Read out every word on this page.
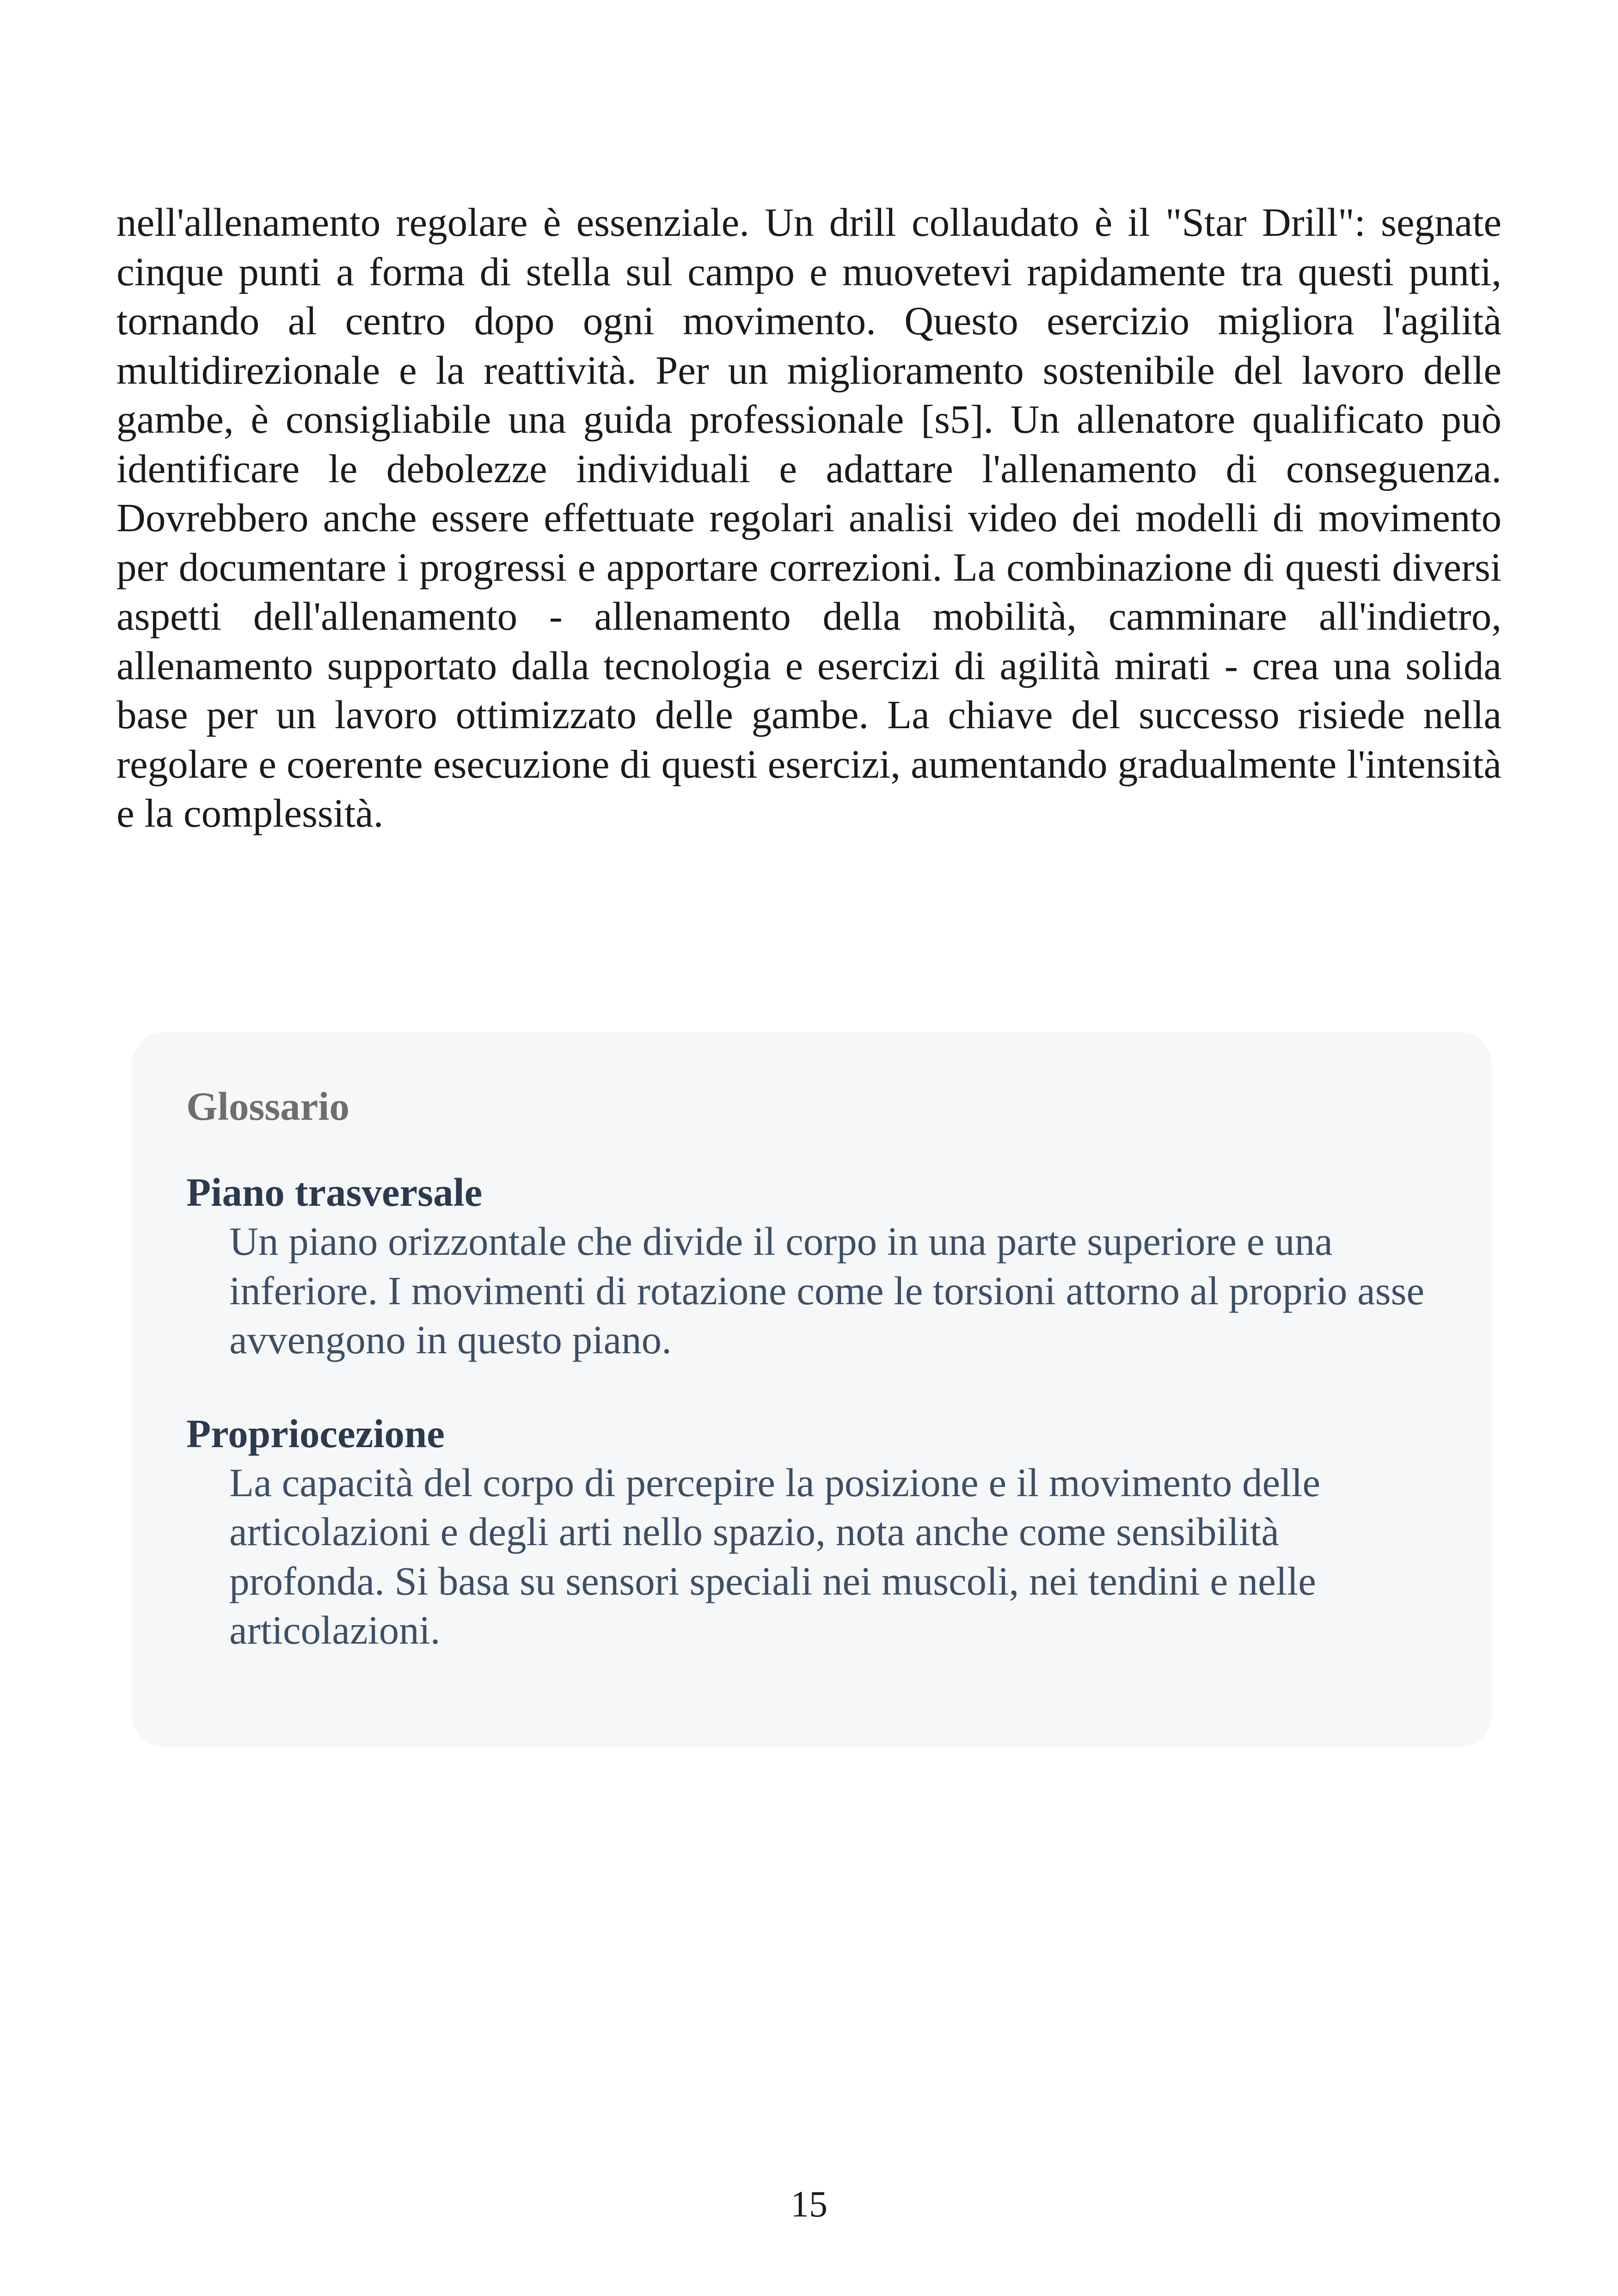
nell'allenamento regolare è essenziale. Un drill collaudato è il "Star Drill": segnate cinque punti a forma di stella sul campo e muovetevi rapidamente tra questi punti, tornando al centro dopo ogni movimento. Questo esercizio migliora l'agilità multidirezionale e la reattività. Per un miglioramento sostenibile del lavoro delle gambe, è consigliabile una guida professionale [s5]. Un allenatore qualificato può identificare le debolezze individuali e adattare l'allenamento di conseguenza. Dovrebbero anche essere effettuate regolari analisi video dei modelli di movimento per documentare i progressi e apportare correzioni. La combinazione di questi diversi aspetti dell'allenamento - allenamento della mobilità, camminare all'indietro, allenamento supportato dalla tecnologia e esercizi di agilità mirati - crea una solida base per un lavoro ottimizzato delle gambe. La chiave del successo risiede nella regolare e coerente esecuzione di questi esercizi, aumentando gradualmente l'intensità e la complessità.

Glossario
Piano trasversale
Un piano orizzontale che divide il corpo in una parte superiore e una inferiore. I movimenti di rotazione come le torsioni attorno al proprio asse avvengono in questo piano.
Propriocezione
La capacità del corpo di percepire la posizione e il movimento delle articolazioni e degli arti nello spazio, nota anche come sensibilità profonda. Si basa su sensori speciali nei muscoli, nei tendini e nelle articolazioni.
15
